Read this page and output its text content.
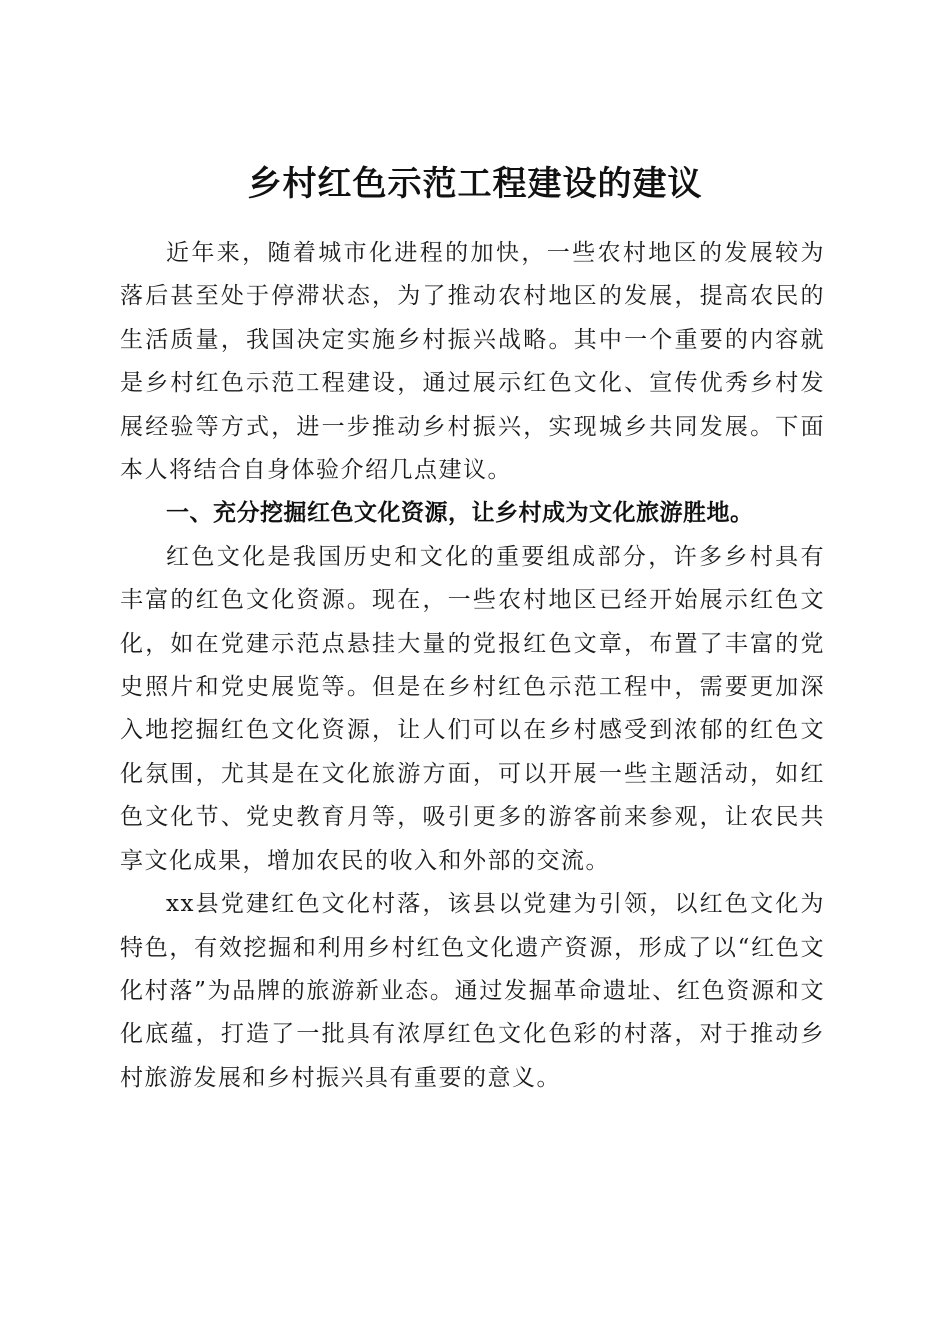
乡村红色示范工程建设的建议

近年来，随着城市化进程的加快，一些农村地区的发展较为落后甚至处于停滞状态，为了推动农村地区的发展，提高农民的生活质量，我国决定实施乡村振兴战略。其中一个重要的内容就是乡村红色示范工程建设，通过展示红色文化、宣传优秀乡村发展经验等方式，进一步推动乡村振兴，实现城乡共同发展。下面本人将结合自身体验介绍几点建议。

一、充分挖掘红色文化资源，让乡村成为文化旅游胜地。

红色文化是我国历史和文化的重要组成部分，许多乡村具有丰富的红色文化资源。现在，一些农村地区已经开始展示红色文化，如在党建示范点悬挂大量的党报红色文章，布置了丰富的党史照片和党史展览等。但是在乡村红色示范工程中，需要更加深入地挖掘红色文化资源，让人们可以在乡村感受到浓郁的红色文化氛围，尤其是在文化旅游方面，可以开展一些主题活动，如红色文化节、党史教育月等，吸引更多的游客前来参观，让农民共享文化成果，增加农民的收入和外部的交流。

xx县党建红色文化村落，该县以党建为引领，以红色文化为特色，有效挖掘和利用乡村红色文化遗产资源，形成了以“红色文化村落”为品牌的旅游新业态。通过发掘革命遗址、红色资源和文化底蕴，打造了一批具有浓厚红色文化色彩的村落，对于推动乡村旅游发展和乡村振兴具有重要的意义。
